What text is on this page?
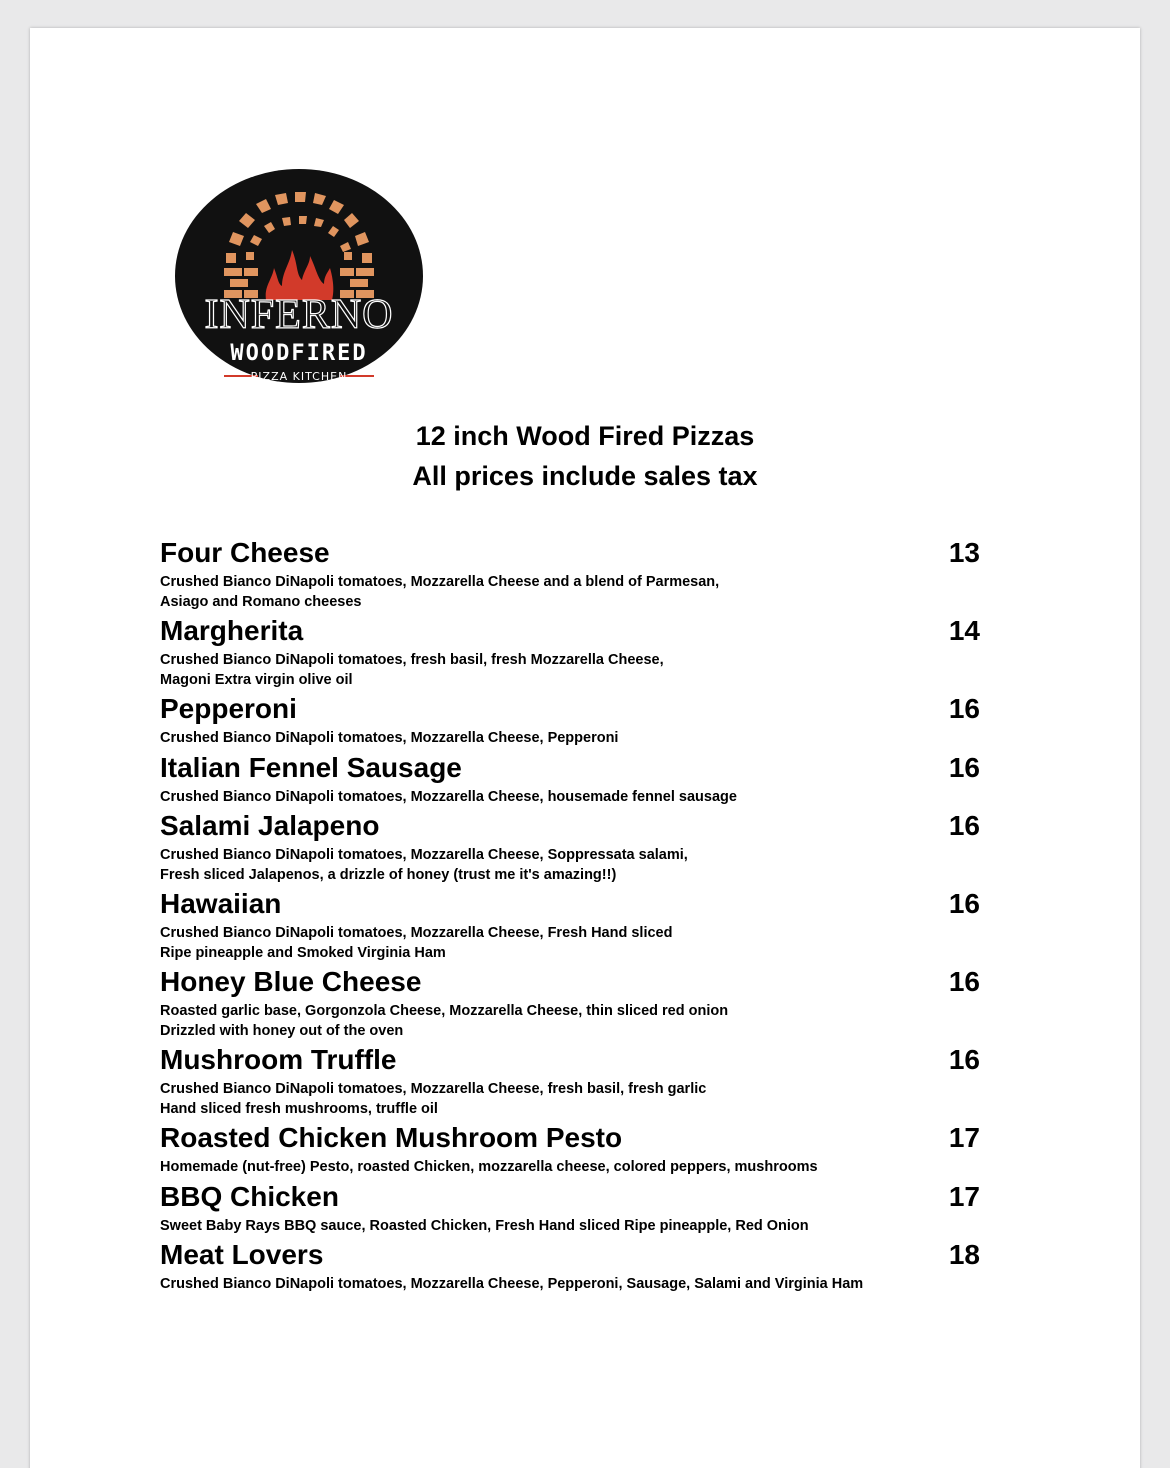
INFERNO
WOODFIRED
PIZZA KITCHEN
12 inch Wood Fired Pizzas
All prices include sales tax
Four Cheese	13
Crushed Bianco DiNapoli tomatoes, Mozzarella Cheese and a blend of Parmesan,
Asiago and Romano cheeses
Margherita	14
Crushed Bianco DiNapoli tomatoes, fresh basil, fresh Mozzarella Cheese,
Magoni Extra virgin olive oil
Pepperoni	16
Crushed Bianco DiNapoli tomatoes, Mozzarella Cheese, Pepperoni
Italian Fennel Sausage	16
Crushed Bianco DiNapoli tomatoes, Mozzarella Cheese, housemade fennel sausage
Salami Jalapeno	16
Crushed Bianco DiNapoli tomatoes, Mozzarella Cheese, Soppressata salami,
Fresh sliced Jalapenos, a drizzle of honey (trust me it's amazing!!)
Hawaiian	16
Crushed Bianco DiNapoli tomatoes, Mozzarella Cheese, Fresh Hand sliced
Ripe pineapple and Smoked Virginia Ham
Honey Blue Cheese	16
Roasted garlic base, Gorgonzola Cheese, Mozzarella Cheese, thin sliced red onion
Drizzled with honey out of the oven
Mushroom Truffle	16
Crushed Bianco DiNapoli tomatoes, Mozzarella Cheese, fresh basil, fresh garlic
Hand sliced fresh mushrooms, truffle oil
Roasted Chicken Mushroom Pesto	17
Homemade (nut-free) Pesto, roasted Chicken, mozzarella cheese, colored peppers, mushrooms
BBQ Chicken	17
Sweet Baby Rays BBQ sauce, Roasted Chicken, Fresh Hand sliced Ripe pineapple, Red Onion
Meat Lovers	18
Crushed Bianco DiNapoli tomatoes, Mozzarella Cheese, Pepperoni, Sausage, Salami and Virginia Ham
